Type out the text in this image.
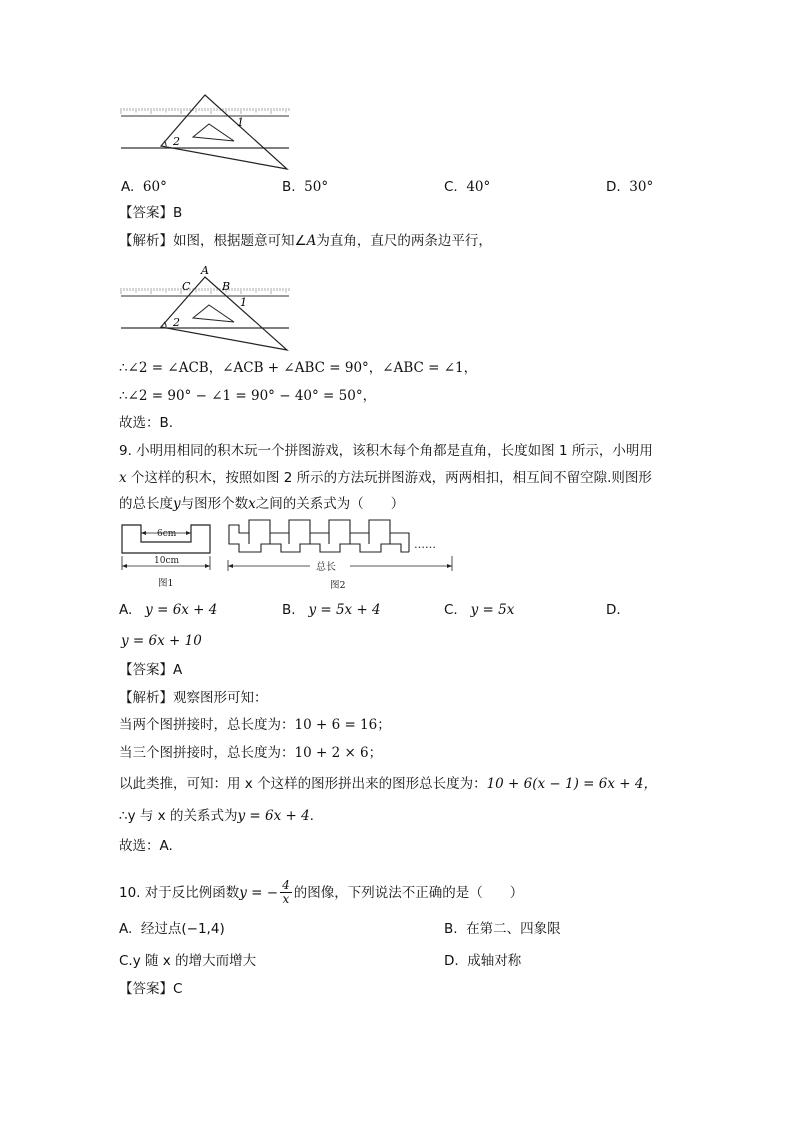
1
2
A. 60°	B. 50°	C. 40°	D. 30°
【答案】B
【解析】如图，根据题意可知∠A为直角，直尺的两条边平行，
A
C	B
1
2
∴∠2 = ∠ACB，∠ACB + ∠ABC = 90°，∠ABC = ∠1，
∴∠2 = 90° − ∠1 = 90° − 40° = 50°，
故选：B.
9. 小明用相同的积木玩一个拼图游戏，该积木每个角都是直角，长度如图 1 所示，小明用
x 个这样的积木，按照如图 2 所示的方法玩拼图游戏，两两相扣，相互间不留空隙.则图形
的总长度y与图形个数x之间的关系式为（　　）
6cm
10cm
图1
……
总长
图2
A. y = 6x + 4	B. y = 5x + 4	C. y = 5x	D.
y = 6x + 10
【答案】A
【解析】观察图形可知：
当两个图拼接时，总长度为：10 + 6 = 16；
当三个图拼接时，总长度为：10 + 2 × 6；
以此类推，可知：用 x 个这样的图形拼出来的图形总长度为：10 + 6(x − 1) = 6x + 4，
∴y 与 x 的关系式为y = 6x + 4.
故选：A.
10. 对于反比例函数y = − $\frac{4}{x}$ 的图像，下列说法不正确的是（　　）
A. 经过点(−1,4)	B. 在第二、四象限
C.y 随 x 的增大而增大	D. 成轴对称
【答案】C
